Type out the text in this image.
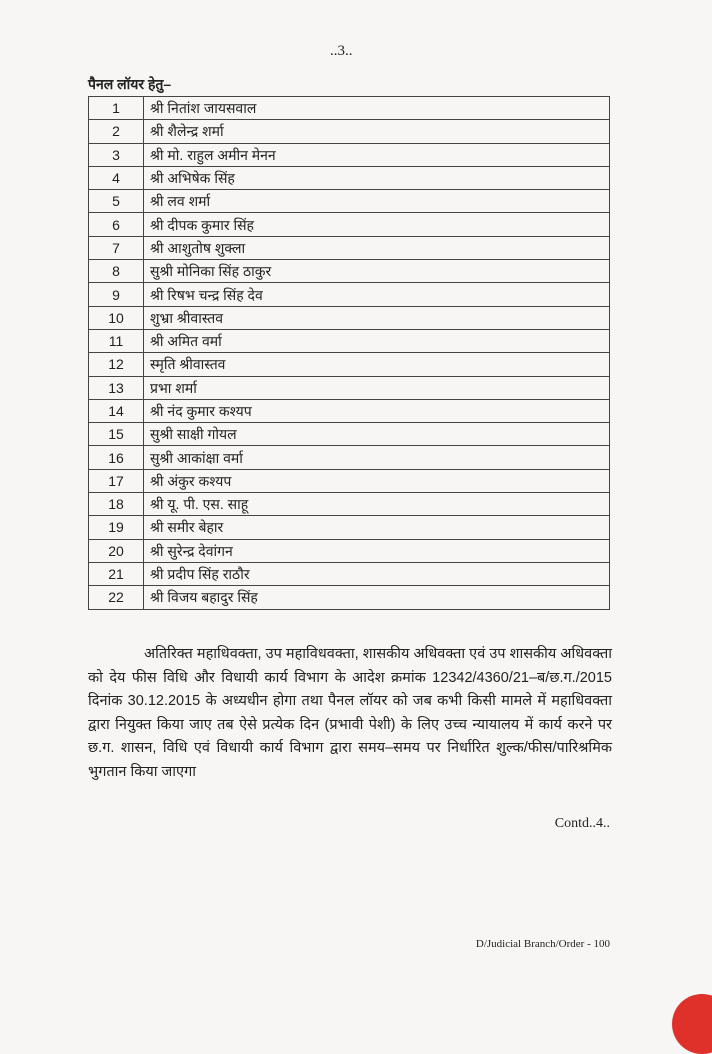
..3..
पैनल लॉयर हेतु–
1	श्री नितांश जायसवाल
2	श्री शैलेन्द्र शर्मा
3	श्री मो. राहुल अमीन मेनन
4	श्री अभिषेक सिंह
5	श्री लव शर्मा
6	श्री दीपक कुमार सिंह
7	श्री आशुतोष शुक्ला
8	सुश्री मोनिका सिंह ठाकुर
9	श्री रिषभ चन्द्र सिंह देव
10	शुभ्रा श्रीवास्तव
11	श्री अमित वर्मा
12	स्मृति श्रीवास्तव
13	प्रभा शर्मा
14	श्री नंद कुमार कश्यप
15	सुश्री साक्षी गोयल
16	सुश्री आकांक्षा वर्मा
17	श्री अंकुर कश्यप
18	श्री यू. पी. एस. साहू
19	श्री समीर बेहार
20	श्री सुरेन्द्र देवांगन
21	श्री प्रदीप सिंह राठौर
22	श्री विजय बहादुर सिंह
अतिरिक्त महाधिवक्ता, उप महाविधवक्ता, शासकीय अधिवक्ता एवं उप शासकीय अधिवक्ता को देय फीस विधि और विधायी कार्य विभाग के आदेश क्रमांक 12342/4360/21–ब/छ.ग./2015 दिनांक 30.12.2015 के अध्यधीन होगा तथा पैनल लॉयर को जब कभी किसी मामले में महाधिवक्ता द्वारा नियुक्त किया जाए तब ऐसे प्रत्येक दिन (प्रभावी पेशी) के लिए उच्च न्यायालय में कार्य करने पर छ.ग. शासन, विधि एवं विधायी कार्य विभाग द्वारा समय–समय पर निर्धारित शुल्क/फीस/पारिश्रमिक भुगतान किया जाएगा
Contd..4..
D/Judicial Branch/Order - 100
